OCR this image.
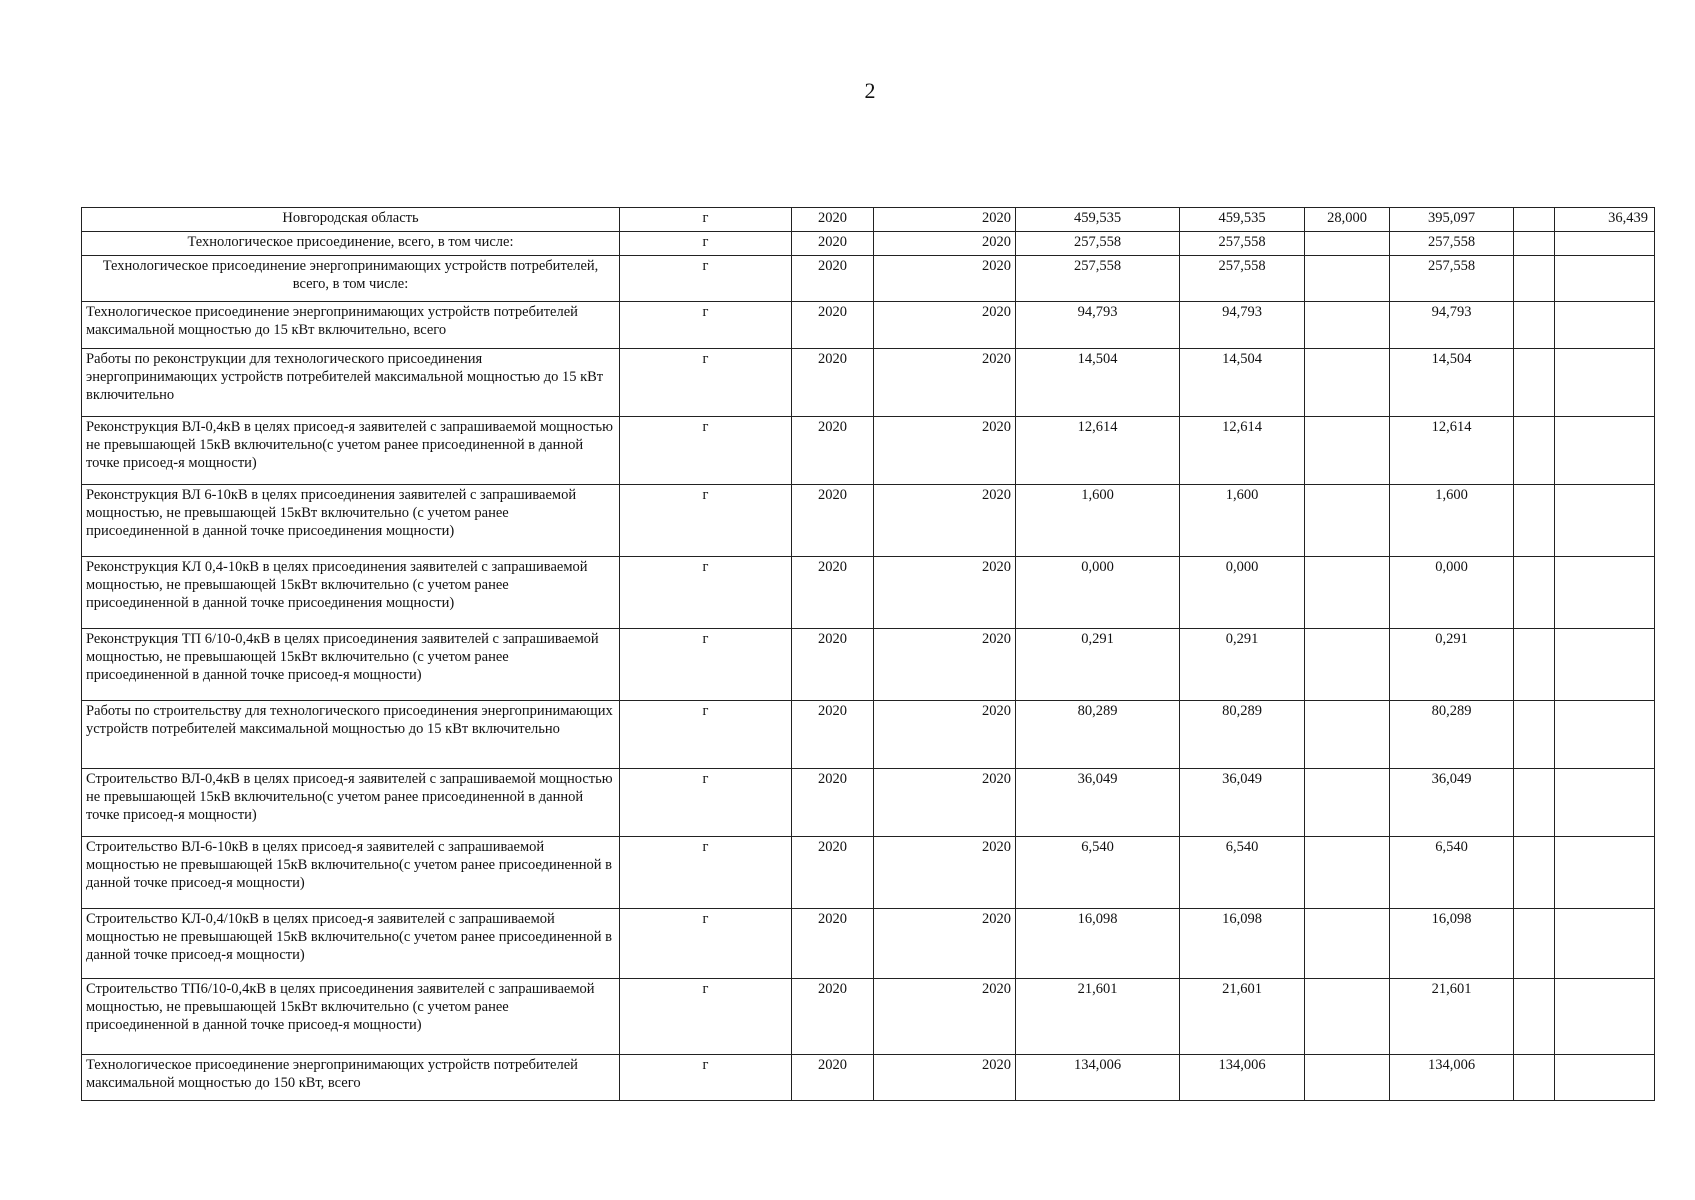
2
Новгородская область	г	2020	2020	459,535	459,535	28,000	395,097		36,439
Технологическое присоединение, всего, в том числе:	г	2020	2020	257,558	257,558		257,558		
Технологическое присоединение энергопринимающих устройств потребителей, всего, в том числе:	г	2020	2020	257,558	257,558		257,558		
Технологическое присоединение энергопринимающих устройств потребителей максимальной мощностью до 15 кВт включительно, всего	г	2020	2020	94,793	94,793		94,793		
Работы по реконструкции для технологического присоединения энергопринимающих устройств потребителей максимальной мощностью до 15 кВт включительно	г	2020	2020	14,504	14,504		14,504		
Реконструкция ВЛ-0,4кВ в целях присоед-я заявителей с запрашиваемой мощностью не превышающей 15кВ включительно(с учетом ранее присоединенной в данной точке присоед-я мощности)	г	2020	2020	12,614	12,614		12,614		
Реконструкция ВЛ 6-10кВ в целях присоединения заявителей с запрашиваемой мощностью, не превышающей 15кВт включительно (с учетом ранее присоединенной в данной точке присоединения мощности)	г	2020	2020	1,600	1,600		1,600		
Реконструкция КЛ 0,4-10кВ в целях присоединения заявителей с запрашиваемой мощностью, не превышающей 15кВт включительно (с учетом ранее присоединенной в данной точке присоединения мощности)	г	2020	2020	0,000	0,000		0,000		
Реконструкция ТП 6/10-0,4кВ в целях присоединения заявителей с запрашиваемой мощностью, не превышающей 15кВт включительно (с учетом ранее присоединенной в данной точке присоед-я мощности)	г	2020	2020	0,291	0,291		0,291		
Работы по строительству для технологического присоединения энергопринимающих устройств потребителей максимальной мощностью до 15 кВт включительно	г	2020	2020	80,289	80,289		80,289		
Строительство ВЛ-0,4кВ в целях присоед-я заявителей с запрашиваемой мощностью не превышающей 15кВ включительно(с учетом ранее присоединенной в данной точке присоед-я мощности)	г	2020	2020	36,049	36,049		36,049		
Строительство ВЛ-6-10кВ в целях присоед-я заявителей с запрашиваемой мощностью не превышающей 15кВ включительно(с учетом ранее присоединенной в данной точке присоед-я мощности)	г	2020	2020	6,540	6,540		6,540		
Строительство КЛ-0,4/10кВ в целях присоед-я заявителей с запрашиваемой мощностью не превышающей 15кВ включительно(с учетом ранее присоединенной в данной точке присоед-я мощности)	г	2020	2020	16,098	16,098		16,098		
Строительство ТП6/10-0,4кВ в целях присоединения заявителей с запрашиваемой мощностью, не превышающей 15кВт включительно (с учетом ранее присоединенной в данной точке присоед-я мощности)	г	2020	2020	21,601	21,601		21,601		
Технологическое присоединение энергопринимающих устройств потребителей максимальной мощностью до 150 кВт, всего	г	2020	2020	134,006	134,006		134,006		
